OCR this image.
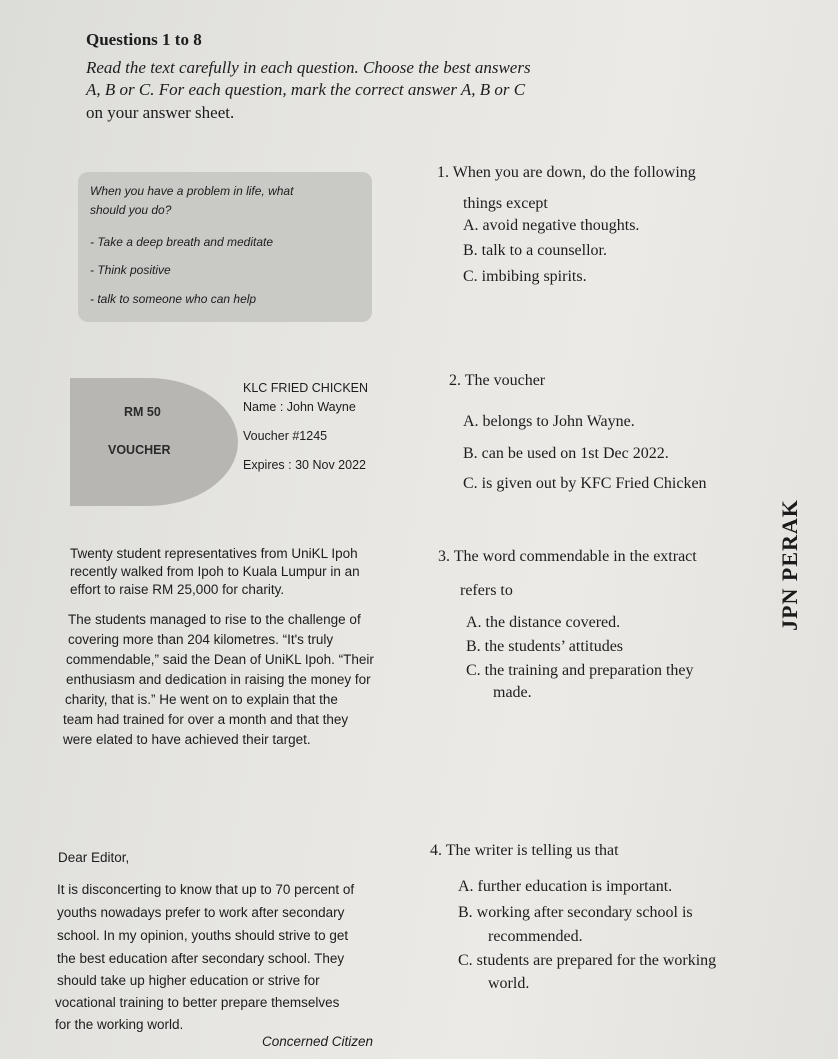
Questions 1 to 8
Read the text carefully in each question. Choose the best answers
A, B or C. For each question, mark the correct answer A, B or C
on your answer sheet.
When you have a problem in life, what
should you do?
- Take a deep breath and meditate
- Think positive
- talk to someone who can help
1. When you are down, do the following
things except
A. avoid negative thoughts.
B. talk to a counsellor.
C. imbibing spirits.
RM 50
VOUCHER
KLC FRIED CHICKEN
Name : John Wayne
Voucher #1245
Expires : 30 Nov 2022
2. The voucher
A. belongs to John Wayne.
B. can be used on 1st Dec 2022.
C. is given out by KFC Fried Chicken
Twenty student representatives from UniKL Ipoh
recently walked from Ipoh to Kuala Lumpur in an
effort to raise RM 25,000 for charity.
The students managed to rise to the challenge of
covering more than 204 kilometres. “It's truly
commendable,” said the Dean of UniKL Ipoh. “Their
enthusiasm and dedication in raising the money for
charity, that is.” He went on to explain that the
team had trained for over a month and that they
were elated to have achieved their target.
3. The word commendable in the extract
refers to
A. the distance covered.
B. the students’ attitudes
C. the training and preparation they
made.
JPN PERAK
Dear Editor,
It is disconcerting to know that up to 70 percent of
youths nowadays prefer to work after secondary
school. In my opinion, youths should strive to get
the best education after secondary school. They
should take up higher education or strive for
vocational training to better prepare themselves
for the working world.
Concerned Citizen
4. The writer is telling us that
A. further education is important.
B. working after secondary school is
recommended.
C. students are prepared for the working
world.
